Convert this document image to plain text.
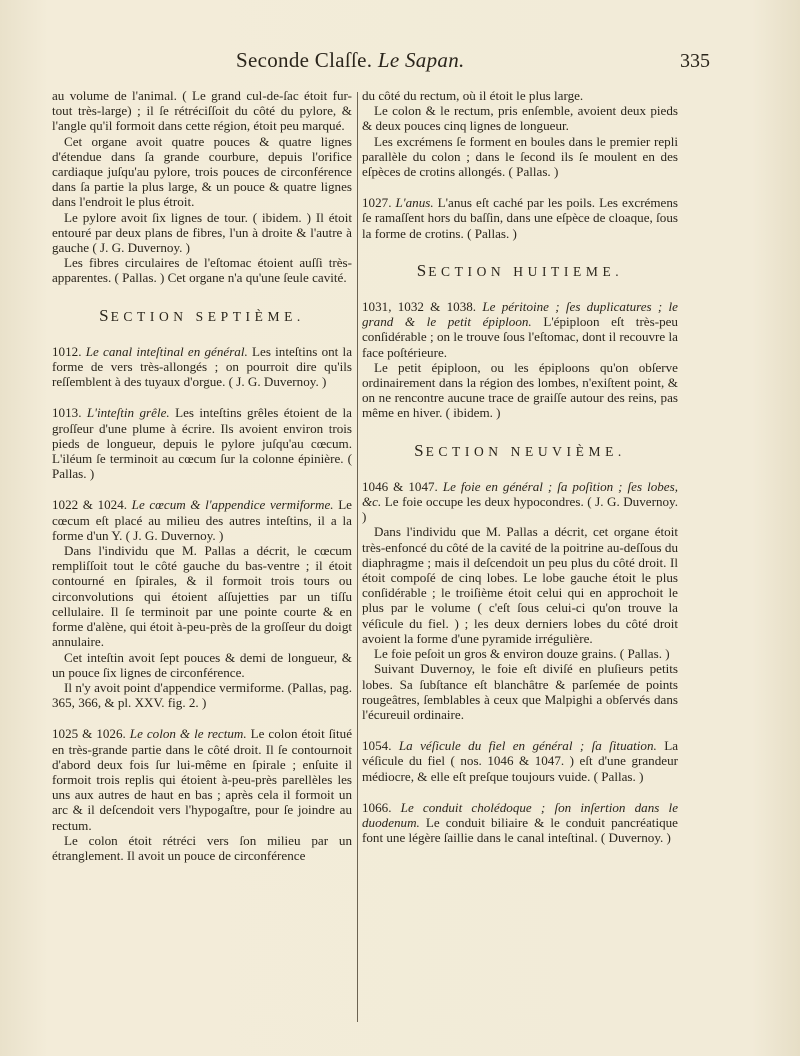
Seconde Claſſe. Le Sapan.	335

au volume de l'animal. ( Le grand cul-de-ſac étoit fur-tout très-large) ; il ſe rétréciſſoit du côté du pylore, & l'angle qu'il formoit dans cette région, étoit peu marqué.

Cet organe avoit quatre pouces & quatre lignes d'étendue dans ſa grande courbure, depuis l'orifice cardiaque juſqu'au pylore, trois pouces de circonférence dans ſa partie la plus large, & un pouce & quatre lignes dans l'endroit le plus étroit.

Le pylore avoit ſix lignes de tour. ( ibidem. ) Il étoit entouré par deux plans de fibres, l'un à droite & l'autre à gauche ( J. G. Duvernoy. )

Les fibres circulaires de l'eſtomac étoient auſſi très-apparentes. ( Pallas. ) Cet organe n'a qu'une ſeule cavité.

SECTION SEPTIÈME.

1012. Le canal inteſtinal en général. Les inteſtins ont la forme de vers très-allongés ; on pourroit dire qu'ils reſſemblent à des tuyaux d'orgue. ( J. G. Duvernoy. )

1013. L'inteſtin grêle. Les inteſtins grêles étoient de la groſſeur d'une plume à écrire. Ils avoient environ trois pieds de longueur, depuis le pylore juſqu'au cœcum. L'iléum ſe terminoit au cœcum ſur la colonne épinière. ( Pallas. )

1022 & 1024. Le cœcum & l'appendice vermiforme. Le cœcum eſt placé au milieu des autres inteſtins, il a la forme d'un Y. ( J. G. Duvernoy. )

Dans l'individu que M. Pallas a décrit, le cœcum rempliſſoit tout le côté gauche du bas-ventre ; il étoit contourné en ſpirales, & il formoit trois tours ou circonvolutions qui étoient aſſujetties par un tiſſu cellulaire. Il ſe terminoit par une pointe courte & en forme d'alène, qui étoit à-peu-près de la groſſeur du doigt annulaire.

Cet inteſtin avoit ſept pouces & demi de longueur, & un pouce ſix lignes de circonférence.

Il n'y avoit point d'appendice vermiforme. (Pallas, pag. 365, 366, & pl. XXV. fig. 2. )

1025 & 1026. Le colon & le rectum. Le colon étoit ſitué en très-grande partie dans le côté droit. Il ſe contournoit d'abord deux fois ſur lui-même en ſpirale ; enſuite il formoit trois replis qui étoient à-peu-près parellèles les uns aux autres de haut en bas ; après cela il formoit un arc & il deſcendoit vers l'hypogaſtre, pour ſe joindre au rectum.

Le colon étoit rétréci vers ſon milieu par un étranglement. Il avoit un pouce de circonférence

du côté du rectum, où il étoit le plus large.

Le colon & le rectum, pris enſemble, avoient deux pieds & deux pouces cinq lignes de longueur.

Les excrémens ſe forment en boules dans le premier repli parallèle du colon ; dans le ſecond ils ſe moulent en des eſpèces de crotins allongés. ( Pallas. )

1027. L'anus. L'anus eſt caché par les poils. Les excrémens ſe ramaſſent hors du baſſin, dans une eſpèce de cloaque, ſous la forme de crotins. ( Pallas. )

SECTION HUITIEME.

1031, 1032 & 1038. Le péritoine ; ſes duplicatures ; le grand & le petit épiploon. L'épiploon eſt très-peu conſidérable ; on le trouve ſous l'eſtomac, dont il recouvre la face poſtérieure.

Le petit épiploon, ou les épiploons qu'on obſerve ordinairement dans la région des lombes, n'exiſtent point, & on ne rencontre aucune trace de graiſſe autour des reins, pas même en hiver. ( ibidem. )

SECTION NEUVIÈME.

1046 & 1047. Le foie en général ; ſa poſition ; ſes lobes, &c. Le foie occupe les deux hypocondres. ( J. G. Duvernoy. )

Dans l'individu que M. Pallas a décrit, cet organe étoit très-enfoncé du côté de la cavité de la poitrine au-deſſous du diaphragme ; mais il deſcendoit un peu plus du côté droit. Il étoit compoſé de cinq lobes. Le lobe gauche étoit le plus conſidérable ; le troiſième étoit celui qui en approchoit le plus par le volume ( c'eſt ſous celui-ci qu'on trouve la véſicule du fiel. ) ; les deux derniers lobes du côté droit avoient la forme d'une pyramide irrégulière.

Le foie peſoit un gros & environ douze grains. ( Pallas. )

Suivant Duvernoy, le foie eſt diviſé en pluſieurs petits lobes. Sa ſubſtance eſt blanchâtre & parſemée de points rougeâtres, ſemblables à ceux que Malpighi a obſervés dans l'écureuil ordinaire.

1054. La véſicule du fiel en général ; ſa ſituation. La véſicule du fiel ( nos. 1046 & 1047. ) eſt d'une grandeur médiocre, & elle eſt preſque toujours vuide. ( Pallas. )

1066. Le conduit cholédoque ; ſon inſertion dans le duodenum. Le conduit biliaire & le conduit pancréatique font une légère ſaillie dans le canal inteſtinal. ( Duvernoy. )
